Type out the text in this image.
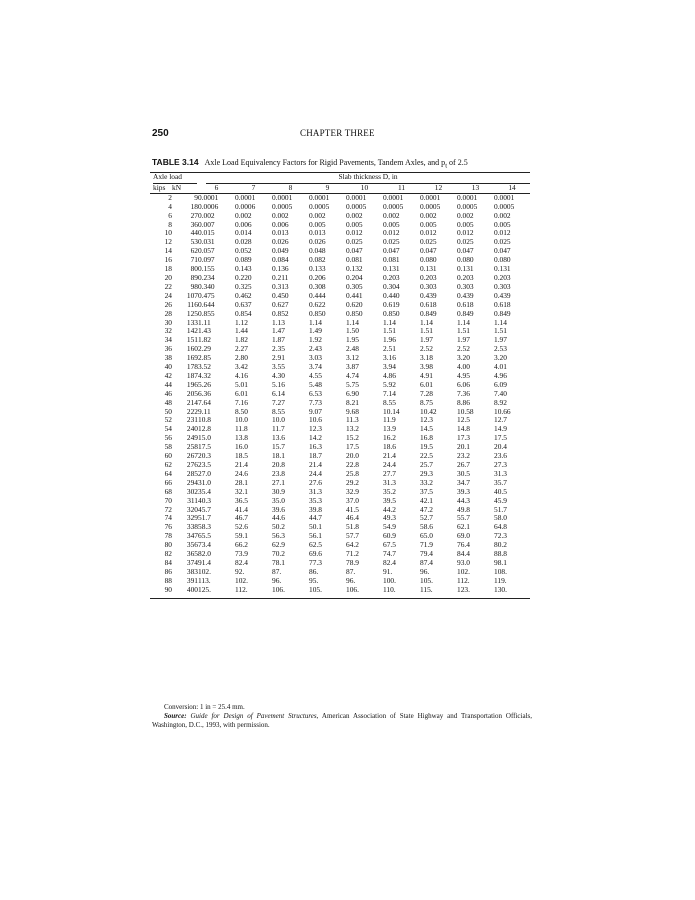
250	CHAPTER THREE
TABLE 3.14 Axle Load Equivalency Factors for Rigid Pavements, Tandem Axles, and $p_t$ of 2.5
Axle load		Slab thickness D, in								

kips	kN	6	7	8	9	10	11	12	13	14
2	9	0.0001	0.0001	0.0001	0.0001	0.0001	0.0001	0.0001	0.0001	0.0001
4	18	0.0006	0.0006	0.0005	0.0005	0.0005	0.0005	0.0005	0.0005	0.0005
6	27	0.002	0.002	0.002	0.002	0.002	0.002	0.002	0.002	0.002
8	36	0.007	0.006	0.006	0.005	0.005	0.005	0.005	0.005	0.005
10	44	0.015	0.014	0.013	0.013	0.012	0.012	0.012	0.012	0.012
12	53	0.031	0.028	0.026	0.026	0.025	0.025	0.025	0.025	0.025
14	62	0.057	0.052	0.049	0.048	0.047	0.047	0.047	0.047	0.047
16	71	0.097	0.089	0.084	0.082	0.081	0.081	0.080	0.080	0.080
18	80	0.155	0.143	0.136	0.133	0.132	0.131	0.131	0.131	0.131
20	89	0.234	0.220	0.211	0.206	0.204	0.203	0.203	0.203	0.203
22	98	0.340	0.325	0.313	0.308	0.305	0.304	0.303	0.303	0.303
24	107	0.475	0.462	0.450	0.444	0.441	0.440	0.439	0.439	0.439
26	116	0.644	0.637	0.627	0.622	0.620	0.619	0.618	0.618	0.618
28	125	0.855	0.854	0.852	0.850	0.850	0.850	0.849	0.849	0.849
30	133	1.11	1.12	1.13	1.14	1.14	1.14	1.14	1.14	1.14
32	142	1.43	1.44	1.47	1.49	1.50	1.51	1.51	1.51	1.51
34	151	1.82	1.82	1.87	1.92	1.95	1.96	1.97	1.97	1.97
36	160	2.29	2.27	2.35	2.43	2.48	2.51	2.52	2.52	2.53
38	169	2.85	2.80	2.91	3.03	3.12	3.16	3.18	3.20	3.20
40	178	3.52	3.42	3.55	3.74	3.87	3.94	3.98	4.00	4.01
42	187	4.32	4.16	4.30	4.55	4.74	4.86	4.91	4.95	4.96
44	196	5.26	5.01	5.16	5.48	5.75	5.92	6.01	6.06	6.09
46	205	6.36	6.01	6.14	6.53	6.90	7.14	7.28	7.36	7.40
48	214	7.64	7.16	7.27	7.73	8.21	8.55	8.75	8.86	8.92
50	222	9.11	8.50	8.55	9.07	9.68	10.14	10.42	10.58	10.66
52	231	10.8	10.0	10.0	10.6	11.3	11.9	12.3	12.5	12.7
54	240	12.8	11.8	11.7	12.3	13.2	13.9	14.5	14.8	14.9
56	249	15.0	13.8	13.6	14.2	15.2	16.2	16.8	17.3	17.5
58	258	17.5	16.0	15.7	16.3	17.5	18.6	19.5	20.1	20.4
60	267	20.3	18.5	18.1	18.7	20.0	21.4	22.5	23.2	23.6
62	276	23.5	21.4	20.8	21.4	22.8	24.4	25.7	26.7	27.3
64	285	27.0	24.6	23.8	24.4	25.8	27.7	29.3	30.5	31.3
66	294	31.0	28.1	27.1	27.6	29.2	31.3	33.2	34.7	35.7
68	302	35.4	32.1	30.9	31.3	32.9	35.2	37.5	39.3	40.5
70	311	40.3	36.5	35.0	35.3	37.0	39.5	42.1	44.3	45.9
72	320	45.7	41.4	39.6	39.8	41.5	44.2	47.2	49.8	51.7
74	329	51.7	46.7	44.6	44.7	46.4	49.3	52.7	55.7	58.0
76	338	58.3	52.6	50.2	50.1	51.8	54.9	58.6	62.1	64.8
78	347	65.5	59.1	56.3	56.1	57.7	60.9	65.0	69.0	72.3
80	356	73.4	66.2	62.9	62.5	64.2	67.5	71.9	76.4	80.2
82	365	82.0	73.9	70.2	69.6	71.2	74.7	79.4	84.4	88.8
84	374	91.4	82.4	78.1	77.3	78.9	82.4	87.4	93.0	98.1
86	383	102.	92.	87.	86.	87.	91.	96.	102.	108.
88	391	113.	102.	96.	95.	96.	100.	105.	112.	119.
90	400	125.	112.	106.	105.	106.	110.	115.	123.	130.
Conversion: 1 in = 25.4 mm.
Source: Guide for Design of Pavement Structures, American Association of State Highway and Transportation Officials, Washington, D.C., 1993, with permission.
